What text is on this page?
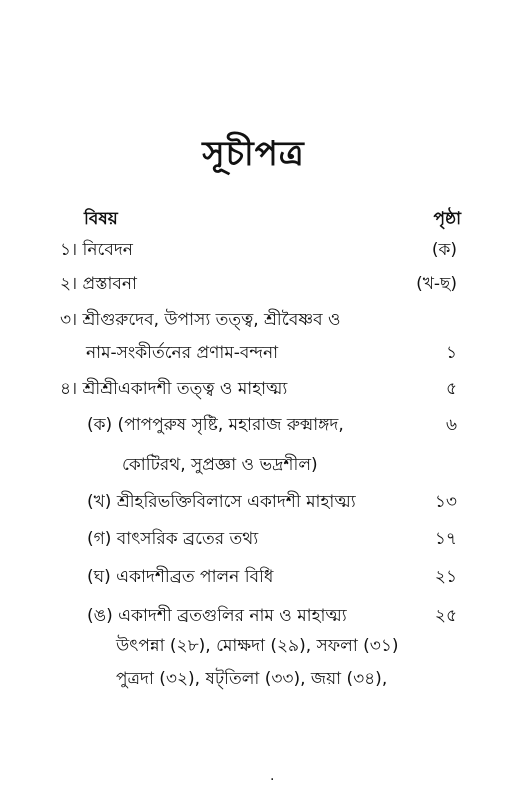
সূচীপত্র
বিষয়	পৃষ্ঠা
১। নিবেদন	(ক)
২। প্রস্তাবনা	(খ-ছ)
৩। শ্রীগুরুদেব, উপাস্য তত্ত্ব, শ্রীবৈষ্ণব ও
নাম-সংকীর্তনের প্রণাম-বন্দনা	১
৪। শ্রীশ্রীএকাদশী তত্ত্ব ও মাহাত্ম্য	৫
(ক) (পাপপুরুষ সৃষ্টি, মহারাজ রুক্মাঙ্গদ,	৬
কোটিরথ, সুপ্রজ্ঞা ও ভদ্রশীল)
(খ) শ্রীহরিভক্তিবিলাসে একাদশী মাহাত্ম্য	১৩
(গ) বাৎসরিক ব্রতের তথ্য	১৭
(ঘ) একাদশীব্রত পালন বিধি	২১
(ঙ) একাদশী ব্রতগুলির নাম ও মাহাত্ম্য	২৫
উৎপন্না (২৮), মোক্ষদা (২৯), সফলা (৩১)
পুত্রদা (৩২), ষট্‌তিলা (৩৩), জয়া (৩৪),
·
